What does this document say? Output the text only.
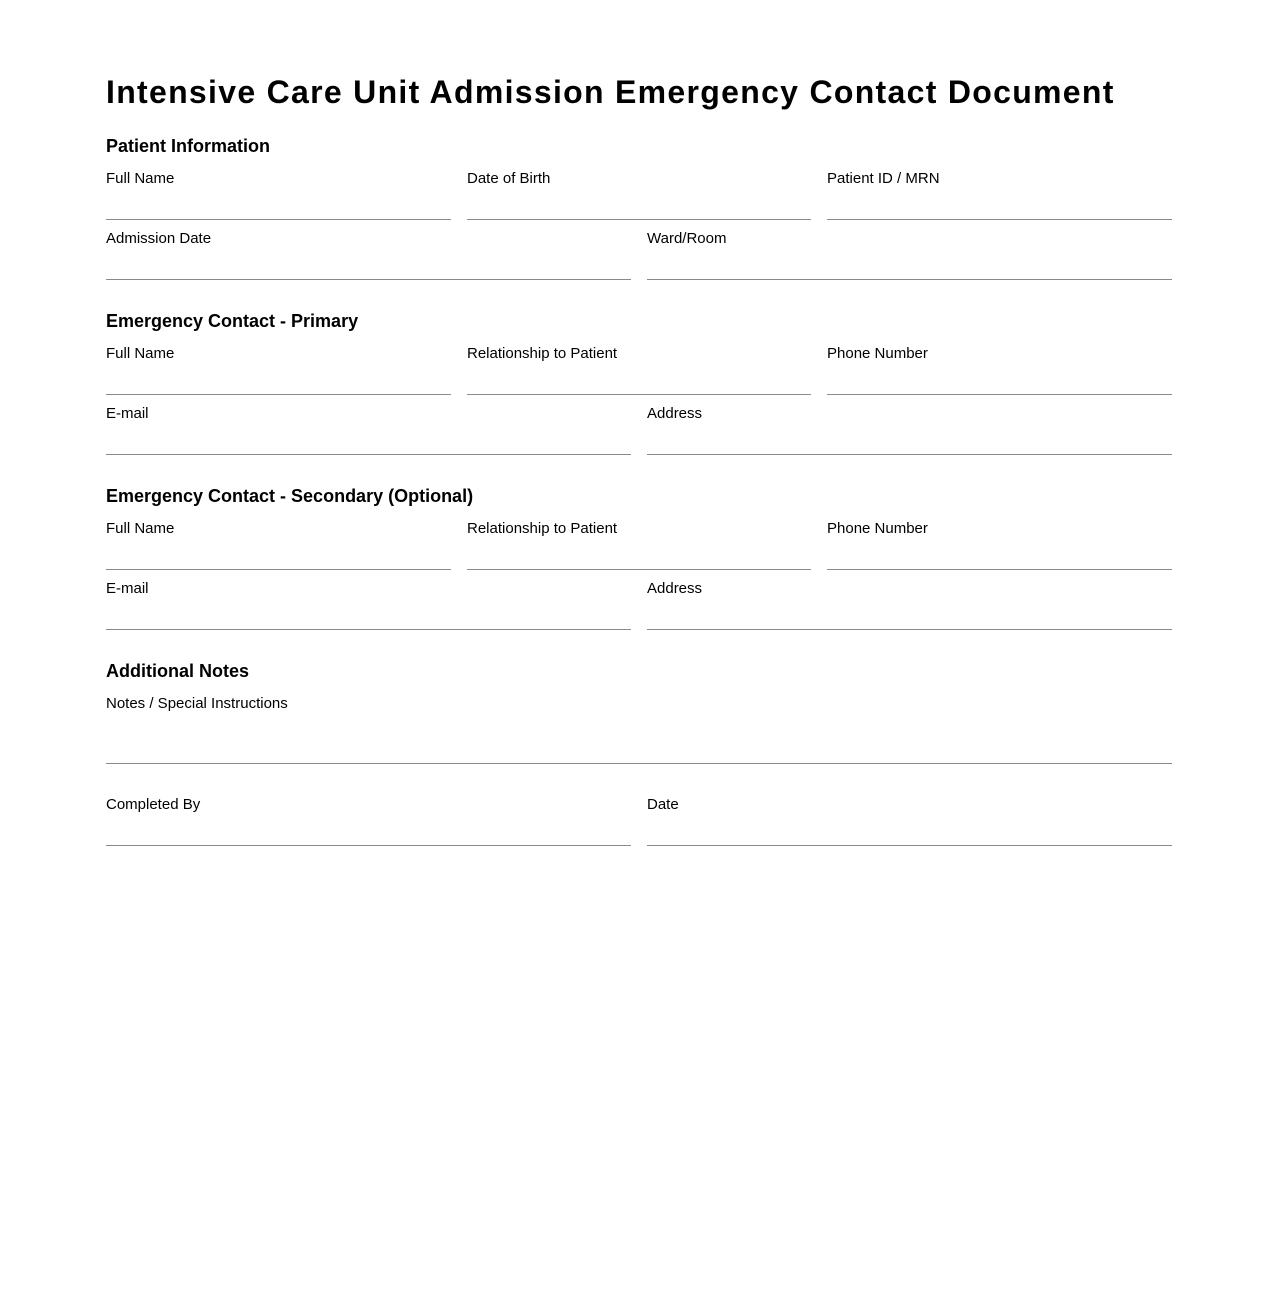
Intensive Care Unit Admission Emergency Contact Document
Patient Information
Full Name	Date of Birth	Patient ID / MRN
Admission Date	Ward/Room
Emergency Contact - Primary
Full Name	Relationship to Patient	Phone Number
E-mail	Address
Emergency Contact - Secondary (Optional)
Full Name	Relationship to Patient	Phone Number
E-mail	Address
Additional Notes
Notes / Special Instructions
Completed By	Date
